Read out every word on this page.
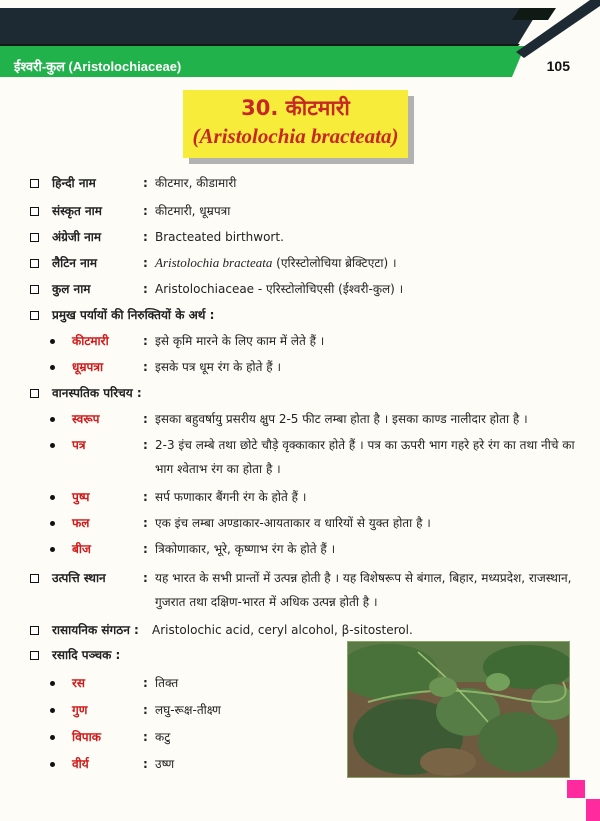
ईश्वरी-कुल (Aristolochiaceae)	105
30. कीटमारी
(Aristolochia bracteata)
हिन्दी नाम	: कीटमार, कीडामारी
संस्कृत नाम	: कीटमारी, धूम्रपत्रा
अंग्रेजी नाम	: Bracteated birthwort.
लैटिन नाम	: Aristolochia bracteata (एरिस्टोलोचिया ब्रेक्टिएटा) ।
कुल नाम	: Aristolochiaceae - एरिस्टोलोचिएसी (ईश्वरी-कुल) ।
प्रमुख पर्यायों की निरुक्तियों के अर्थ :
कीटमारी	: इसे कृमि मारने के लिए काम में लेते हैं ।
धूम्रपत्रा	: इसके पत्र धूम रंग के होते हैं ।
वानस्पतिक परिचय :
स्वरूप	: इसका बहुवर्षायु प्रसरीय क्षुप 2-5 फीट लम्बा होता है । इसका काण्ड नालीदार होता है ।
पत्र	: 2-3 इंच लम्बे तथा छोटे चौड़े वृक्काकार होते हैं । पत्र का ऊपरी भाग गहरे हरे रंग का तथा नीचे का
भाग श्वेताभ रंग का होता है ।
पुष्प	: सर्प फणाकार बैंगनी रंग के होते हैं ।
फल	: एक इंच लम्बा अण्डाकार-आयताकार व धारियों से युक्त होता है ।
बीज	: त्रिकोणाकार, भूरे, कृष्णाभ रंग के होते हैं ।
उत्पत्ति स्थान	: यह भारत के सभी प्रान्तों में उत्पन्न होती है । यह विशेषरूप से बंगाल, बिहार, मध्यप्रदेश, राजस्थान,
गुजरात तथा दक्षिण-भारत में अधिक उत्पन्न होती है ।
रासायनिक संगठन : Aristolochic acid, ceryl alcohol, β-sitosterol.
रसादि पञ्चक :
रस	: तिक्त
गुण	: लघु-रूक्ष-तीक्ष्ण
विपाक	: कटु
वीर्य	: उष्ण
